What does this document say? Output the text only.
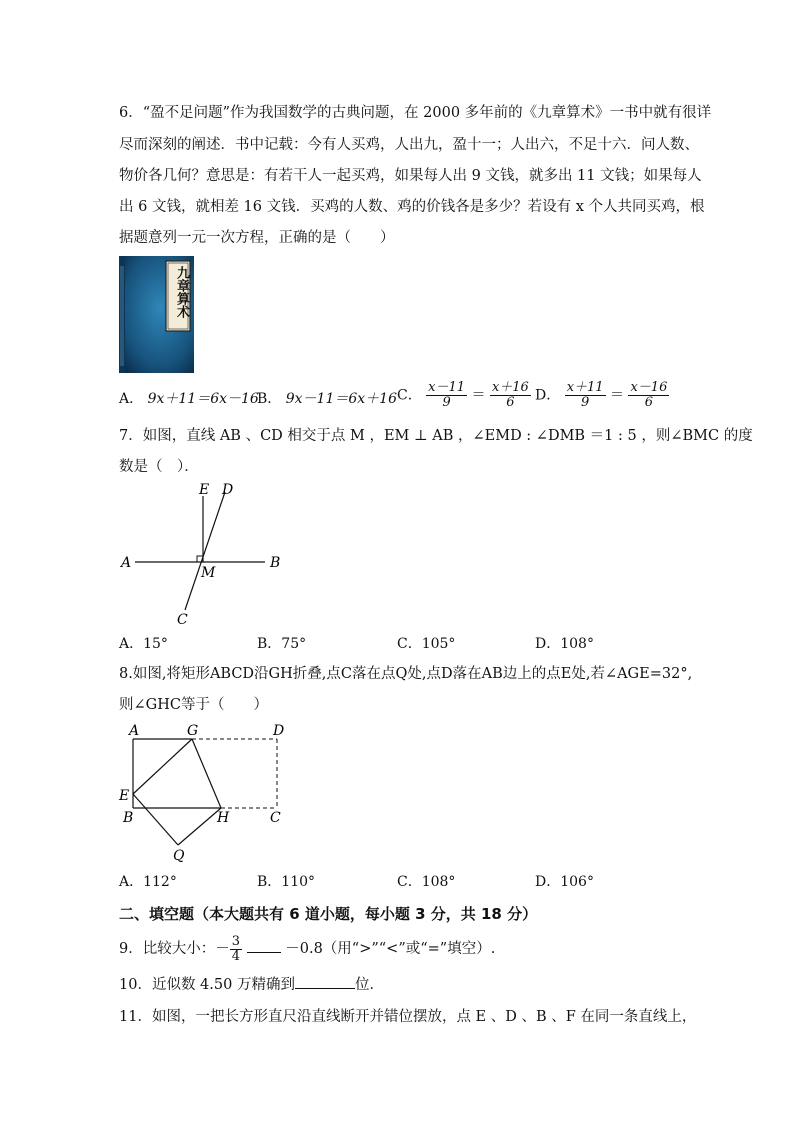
6．“盈不足问题”作为我国数学的古典问题，在 2000 多年前的《九章算术》一书中就有很详
尽而深刻的阐述．书中记载：今有人买鸡，人出九，盈十一；人出六，不足十六．问人数、
物价各几何？意思是：有若干人一起买鸡，如果每人出 9 文钱，就多出 11 文钱；如果每人
出 6 文钱，就相差 16 文钱．买鸡的人数、鸡的价钱各是多少？若设有 x 个人共同买鸡，根
据题意列一元一次方程，正确的是（　　）
九章算术
A． 9x＋11＝6x－16
B． 9x－11＝6x＋16 C． $\frac{x-11}{9} = \frac{x+16}{6}$ D． $\frac{x+11}{9} = \frac{x-16}{6}$
7．如图，直线 AB 、CD 相交于点 M ，EM ⊥ AB ，∠EMD : ∠DMB ＝1 : 5 ，则∠BMC 的度
数是（　）．
E D
A	B
M
C
A．15°	B．75°	C．105°	D．108°
8.如图,将矩形ABCD沿GH折叠,点C落在点Q处,点D落在AB边上的点E处,若∠AGE=32°,
则∠GHC等于（　　）
A	G	D
E
B	H	C
Q
A．112°	B．110°	C．108°	D．106°
二、填空题（本大题共有 6 道小题，每小题 3 分，共 18 分）
9．比较大小：－ $\frac{3}{4}$	－0.8（用“>”“<”或“=”填空）.
10．近似数 4.50 万精确到	位．
11．如图，一把长方形直尺沿直线断开并错位摆放，点 E 、D 、B 、F 在同一条直线上，
